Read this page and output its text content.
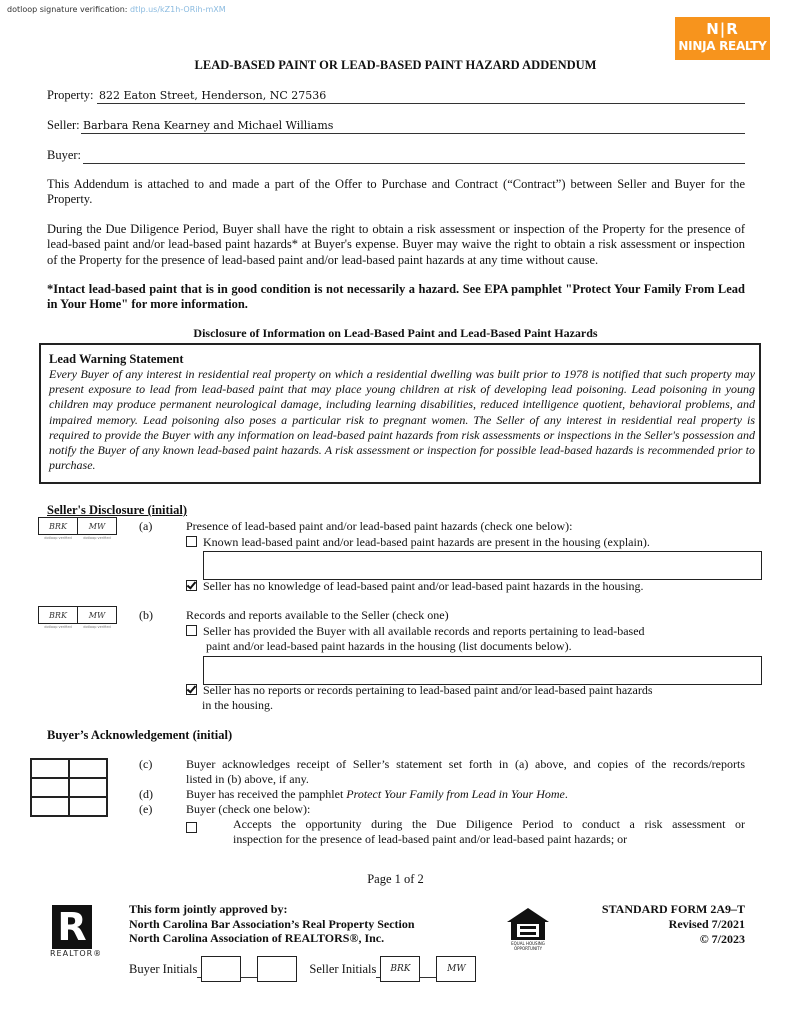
dotloop signature verification: dtlp.us/kZ1h-ORih-mXM
N|R
NINJA REALTY
LEAD-BASED PAINT OR LEAD-BASED PAINT HAZARD ADDENDUM
Property: 822 Eaton Street, Henderson, NC 27536
Seller: Barbara Rena Kearney and Michael Williams
Buyer:

This Addendum is attached to and made a part of the Offer to Purchase and Contract (“Contract”) between Seller and Buyer for the Property.

During the Due Diligence Period, Buyer shall have the right to obtain a risk assessment or inspection of the Property for the presence of lead-based paint and/or lead-based paint hazards* at Buyer's expense. Buyer may waive the right to obtain a risk assessment or inspection of the Property for the presence of lead-based paint and/or lead-based paint hazards at any time without cause.

*Intact lead-based paint that is in good condition is not necessarily a hazard. See EPA pamphlet "Protect Your Family From Lead in Your Home" for more information.

Disclosure of Information on Lead-Based Paint and Lead-Based Paint Hazards
Lead Warning Statement
Every Buyer of any interest in residential real property on which a residential dwelling was built prior to 1978 is notified that such property may present exposure to lead from lead-based paint that may place young children at risk of developing lead poisoning. Lead poisoning in young children may produce permanent neurological damage, including learning disabilities, reduced intelligence quotient, behavioral problems, and impaired memory. Lead poisoning also poses a particular risk to pregnant women. The Seller of any interest in residential real property is required to provide the Buyer with any information on lead-based paint hazards from risk assessments or inspections in the Seller's possession and notify the Buyer of any known lead-based paint hazards. A risk assessment or inspection for possible lead-based hazards is recommended prior to purchase.
Seller's Disclosure (initial)
BRK
dotloop verified
MW
dotloop verified
(a)	Presence of lead-based paint and/or lead-based paint hazards (check one below):
Known lead-based paint and/or lead-based paint hazards are present in the housing (explain).
Seller has no knowledge of lead-based paint and/or lead-based paint hazards in the housing.
BRK
dotloop verified
MW
dotloop verified
(b)	Records and reports available to the Seller (check one)
Seller has provided the Buyer with all available records and reports pertaining to lead-based
paint and/or lead-based paint hazards in the housing (list documents below).
Seller has no reports or records pertaining to lead-based paint and/or lead-based paint hazards
in the housing.
Buyer’s Acknowledgement (initial)
(c)	Buyer acknowledges receipt of Seller’s statement set forth in (a) above, and copies of the records/reports
listed in (b) above, if any.
(d)	Buyer has received the pamphlet Protect Your Family from Lead in Your Home.
(e)	Buyer (check one below):
Accepts the opportunity during the Due Diligence Period to conduct a risk assessment or
inspection for the presence of lead-based paint and/or lead-based paint hazards; or
Page 1 of 2
R
REALTOR®
This form jointly approved by:
North Carolina Bar Association’s Real Property Section
North Carolina Association of REALTORS®, Inc.	EQUAL HOUSING
OPPORTUNITY
STANDARD FORM 2A9–T
Revised 7/2021
© 7/2023
Buyer Initials	Seller Initials BRK	MW
